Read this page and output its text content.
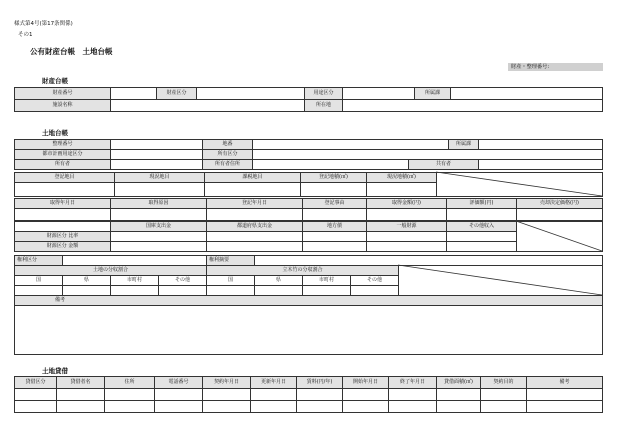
様式第4号(第17条関係)
その1
公有財産台帳　土地台帳
財産・整理番号:
財産台帳
財産番号		財産区分		用途区分		所属課	
施設名称				所在地			
土地台帳
整理番号		地番			所属課	
都市計画用途区分		所有区分				
所有者		所有者住所		共有者		
登記地目	現況地目	課税地目	登記地積(㎡)	現況地積(㎡)	

取得年月日	取得原因	登記年月日	登記事由	取得金額(円)	評価額(円)	売却決定価格(円)

	国庫支出金	都道府県支出金	地方債	一般財源	その他収入	
財源区分 比率						
財源区分 金額						
権利区分				権利摘要				
土地の分収割合				立木竹の分収割合				
国	県	市町村	その他	国	県	市町村	その他	

備考								

土地貸借
貸借区分	貸借者名	住所	電話番号	契約年月日	更新年月日	賃料(円/年)	開始年月日	終了年月日	貸借面積(㎡)	契約目的	備考
